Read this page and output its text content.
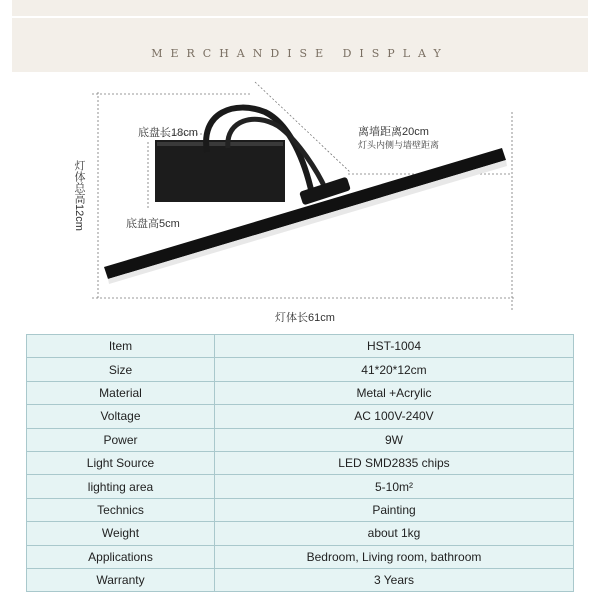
MERCHANDISE DISPLAY
底盘长18cm	离墙距离20cm
灯头内侧与墙壁距离
底盘高5cm
灯体总高12cm
灯体长61cm
Item	HST-1004
Size	41*20*12cm
Material	Metal +Acrylic
Voltage	AC 100V-240V
Power	9W
Light Source	LED SMD2835 chips
lighting area	5-10m²
Technics	Painting
Weight	about 1kg
Applications	Bedroom, Living room, bathroom
Warranty	3 Years
